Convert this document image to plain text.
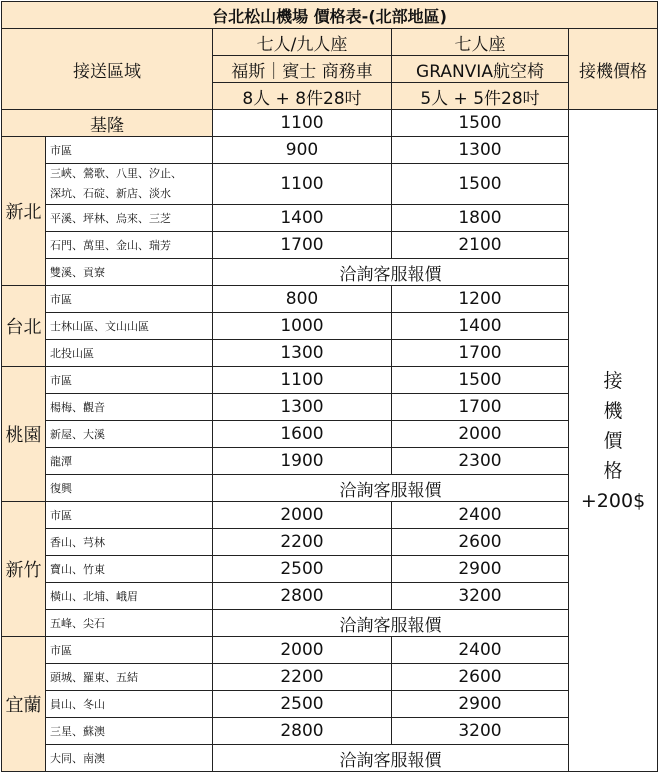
台北松山機場 價格表-(北部地區)				
接送區域		七人/九人座	七人座	接機價格
		福斯｜賓士 商務車	GRANVIA航空椅	
		8人 + 8件28吋	5人 + 5件28吋	
基隆		1100	1500	接
機
價
格
+200$

新北	市區	900	1300	

	三峽、鶯歌、八里、汐止、
深坑、石碇、新店、淡水	1100	1500	
	平溪、坪林、烏來、三芝	1400	1800	
	石門、萬里、金山、瑞芳	1700	2100	
	雙溪、貢寮	洽詢客服報價		
台北	市區	800	1200	
	士林山區、文山山區	1000	1400	
	北投山區	1300	1700	
桃園	市區	1100	1500	
	楊梅、觀音	1300	1700	
	新屋、大溪	1600	2000	
	龍潭	1900	2300	
	復興	洽詢客服報價		
新竹	市區	2000	2400	
	香山、芎林	2200	2600	
	寶山、竹東	2500	2900	
	橫山、北埔、峨眉	2800	3200	
	五峰、尖石	洽詢客服報價		
宜蘭	市區	2000	2400	
	頭城、羅東、五結	2200	2600	
	員山、冬山	2500	2900	
	三星、蘇澳	2800	3200	
	大同、南澳	洽詢客服報價		
